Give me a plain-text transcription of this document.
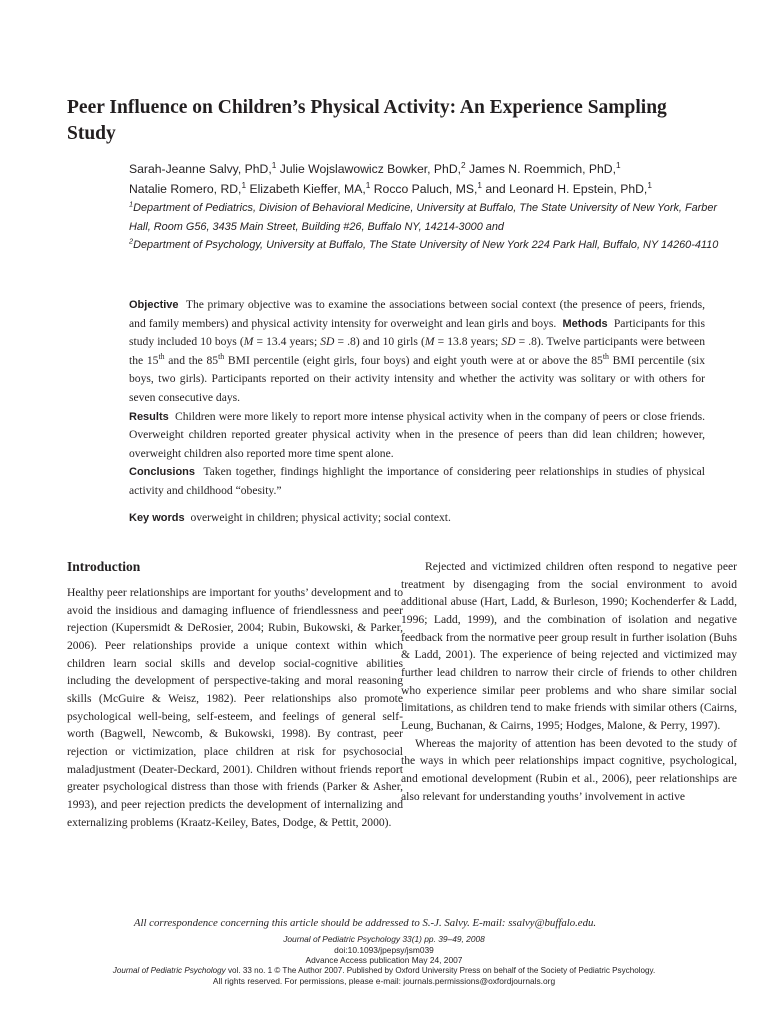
Peer Influence on Children’s Physical Activity: An Experience Sampling Study
Sarah-Jeanne Salvy, PhD,$^1$ Julie Wojslawowicz Bowker, PhD,$^2$ James N. Roemmich, PhD,$^1$
Natalie Romero, RD,$^1$ Elizabeth Kieffer, MA,$^1$ Rocco Paluch, MS,$^1$ and Leonard H. Epstein, PhD,$^1$
$^1$Department of Pediatrics, Division of Behavioral Medicine, University at Buffalo, The State University of New York, Farber Hall, Room G56, 3435 Main Street, Building #26, Buffalo NY, 14214-3000 and
$^2$Department of Psychology, University at Buffalo, The State University of New York 224 Park Hall, Buffalo, NY 14260-4110

Objective The primary objective was to examine the associations between social context (the presence of peers, friends, and family members) and physical activity intensity for overweight and lean girls and boys. Methods Participants for this study included 10 boys (M = 13.4 years; SD = .8) and 10 girls (M = 13.8 years; SD = .8). Twelve participants were between the 15th and the 85th BMI percentile (eight girls, four boys) and eight youth were at or above the 85th BMI percentile (six boys, two girls). Participants reported on their activity intensity and whether the activity was solitary or with others for seven consecutive days.

Results Children were more likely to report more intense physical activity when in the company of peers or close friends. Overweight children reported greater physical activity when in the presence of peers than did lean children; however, overweight children also reported more time spent alone.

Conclusions Taken together, findings highlight the importance of considering peer relationships in studies of physical activity and childhood “obesity.”

Key words overweight in children; physical activity; social context.
Introduction

Healthy peer relationships are important for youths’ development and to avoid the insidious and damaging influence of friendlessness and peer rejection (Kupersmidt & DeRosier, 2004; Rubin, Bukowski, & Parker, 2006). Peer relationships provide a unique context within which children learn social skills and develop social-cognitive abilities including the development of perspective-taking and moral reasoning skills (McGuire & Weisz, 1982). Peer relationships also promote psychological well-being, self-esteem, and feelings of general self-worth (Bagwell, Newcomb, & Bukowski, 1998). By contrast, peer rejection or victimization, place children at risk for psychosocial maladjustment (Deater-Deckard, 2001). Children without friends report greater psychological distress than those with friends (Parker & Asher, 1993), and peer rejection predicts the development of internalizing and externalizing problems (Kraatz-Keiley, Bates, Dodge, & Pettit, 2000).

Rejected and victimized children often respond to negative peer treatment by disengaging from the social environment to avoid additional abuse (Hart, Ladd, & Burleson, 1990; Kochenderfer & Ladd, 1996; Ladd, 1999), and the combination of isolation and negative feedback from the normative peer group result in further isolation (Buhs & Ladd, 2001). The experience of being rejected and victimized may further lead children to narrow their circle of friends to other children who experience similar peer problems and who share similar social limitations, as children tend to make friends with similar others (Cairns, Leung, Buchanan, & Cairns, 1995; Hodges, Malone, & Perry, 1997).

Whereas the majority of attention has been devoted to the study of the ways in which peer relationships impact cognitive, psychological, and emotional development (Rubin et al., 2006), peer relationships are also relevant for understanding youths’ involvement in active

All correspondence concerning this article should be addressed to S.-J. Salvy. E-mail: ssalvy@buffalo.edu.
Journal of Pediatric Psychology 33(1) pp. 39–49, 2008
doi:10.1093/jpepsy/jsm039
Advance Access publication May 24, 2007
Journal of Pediatric Psychology vol. 33 no. 1 © The Author 2007. Published by Oxford University Press on behalf of the Society of Pediatric Psychology.
All rights reserved. For permissions, please e-mail: journals.permissions@oxfordjournals.org
